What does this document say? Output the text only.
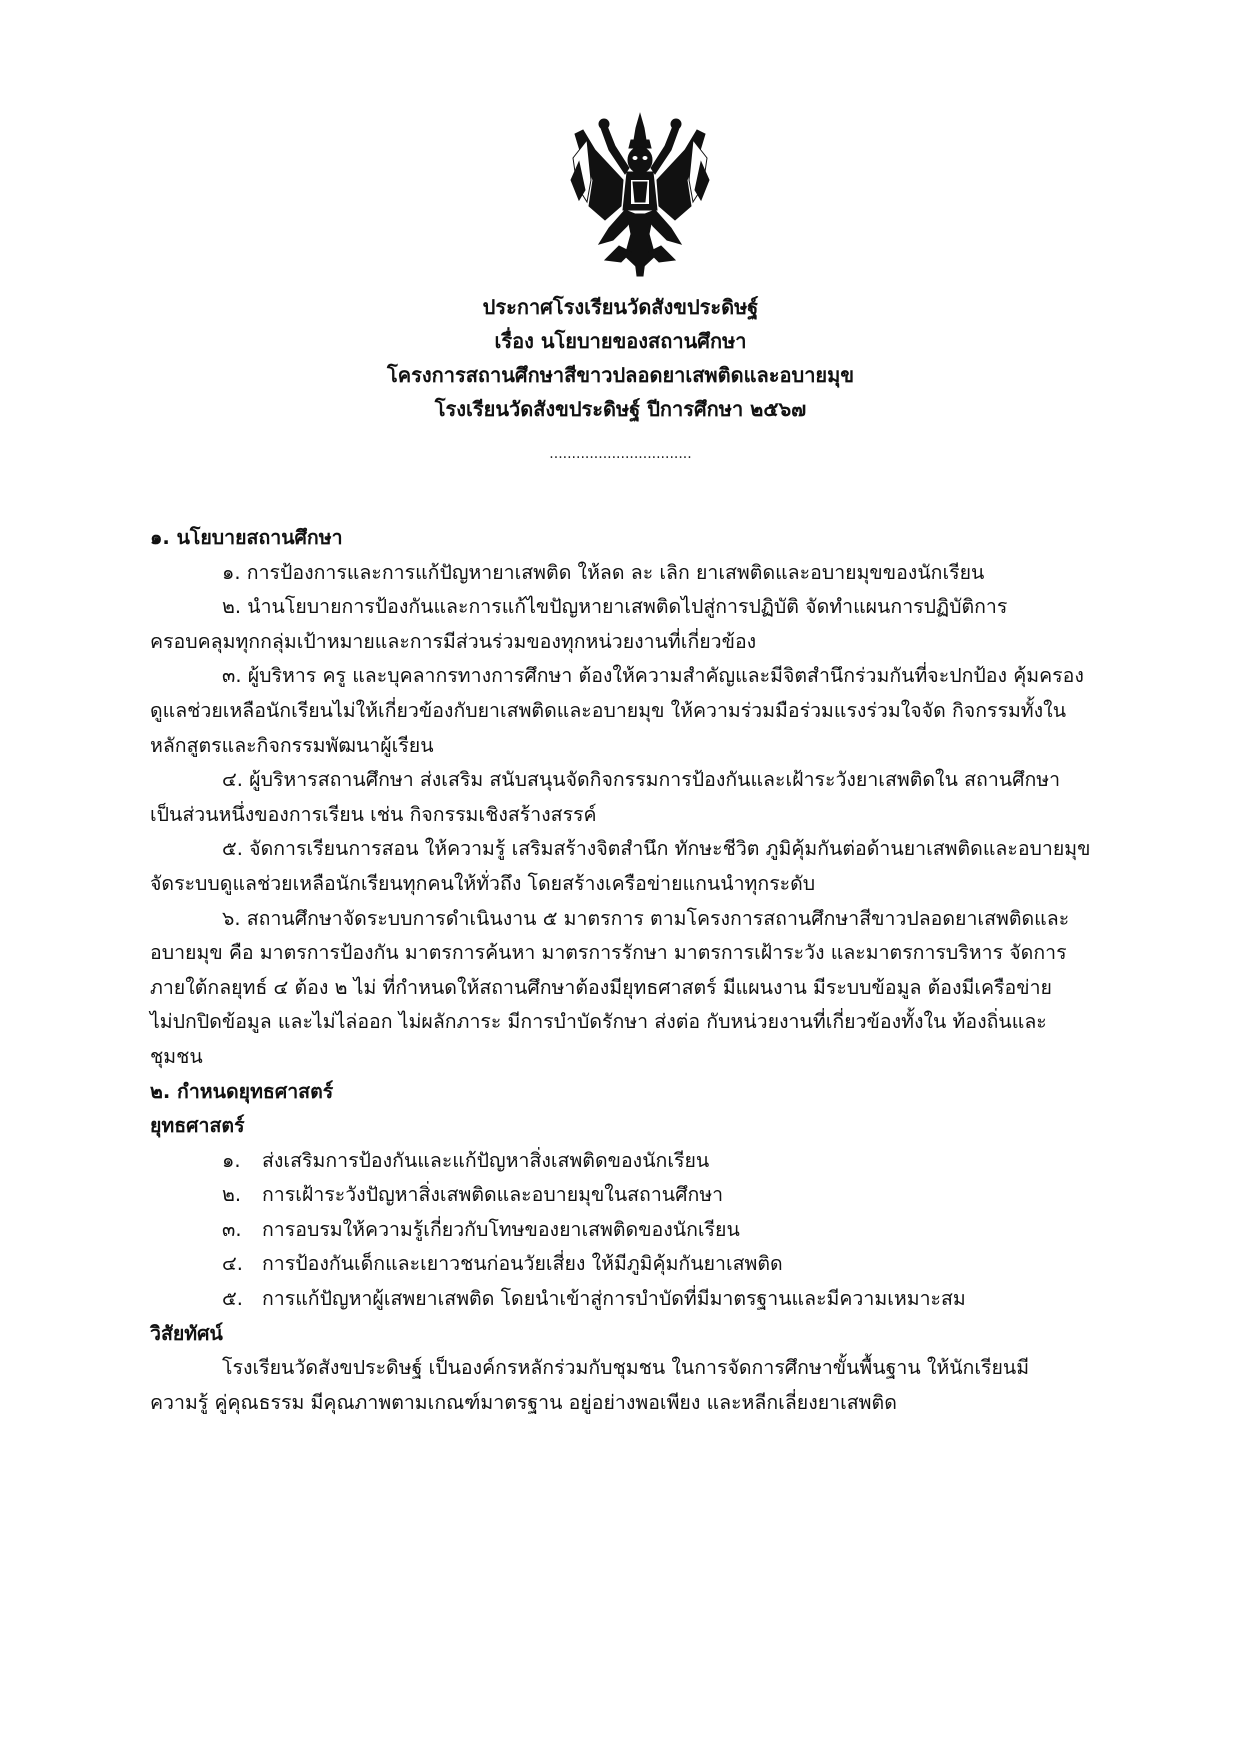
ประกาศโรงเรียนวัดสังขประดิษฐ์
เรื่อง นโยบายของสถานศึกษา
โครงการสถานศึกษาสีขาวปลอดยาเสพติดและอบายมุข
โรงเรียนวัดสังขประดิษฐ์ ปีการศึกษา ๒๕๖๗
................................
๑. นโยบายสถานศึกษา
๑. การป้องการและการแก้ปัญหายาเสพติด ให้ลด ละ เลิก ยาเสพติดและอบายมุขของนักเรียน
๒. นำนโยบายการป้องกันและการแก้ไขปัญหายาเสพติดไปสู่การปฏิบัติ จัดทำแผนการปฏิบัติการ
ครอบคลุมทุกกลุ่มเป้าหมายและการมีส่วนร่วมของทุกหน่วยงานที่เกี่ยวข้อง
๓. ผู้บริหาร ครู และบุคลากรทางการศึกษา ต้องให้ความสำคัญและมีจิตสำนึกร่วมกันที่จะปกป้อง คุ้มครอง
ดูแลช่วยเหลือนักเรียนไม่ให้เกี่ยวข้องกับยาเสพติดและอบายมุข ให้ความร่วมมือร่วมแรงร่วมใจจัด กิจกรรมทั้งใน
หลักสูตรและกิจกรรมพัฒนาผู้เรียน
๔. ผู้บริหารสถานศึกษา ส่งเสริม สนับสนุนจัดกิจกรรมการป้องกันและเฝ้าระวังยาเสพติดใน สถานศึกษา
เป็นส่วนหนึ่งของการเรียน เช่น กิจกรรมเชิงสร้างสรรค์
๕. จัดการเรียนการสอน ให้ความรู้ เสริมสร้างจิตสำนึก ทักษะชีวิต ภูมิคุ้มกันต่อด้านยาเสพติดและอบายมุข
จัดระบบดูแลช่วยเหลือนักเรียนทุกคนให้ทั่วถึง โดยสร้างเครือข่ายแกนนำทุกระดับ
๖. สถานศึกษาจัดระบบการดำเนินงาน ๕ มาตรการ ตามโครงการสถานศึกษาสีขาวปลอดยาเสพติดและ
อบายมุข คือ มาตรการป้องกัน มาตรการค้นหา มาตรการรักษา มาตรการเฝ้าระวัง และมาตรการบริหาร จัดการ
ภายใต้กลยุทธ์ ๔ ต้อง ๒ ไม่ ที่กำหนดให้สถานศึกษาต้องมียุทธศาสตร์ มีแผนงาน มีระบบข้อมูล ต้องมีเครือข่าย
ไม่ปกปิดข้อมูล และไม่ไล่ออก ไม่ผลักภาระ มีการบำบัดรักษา ส่งต่อ กับหน่วยงานที่เกี่ยวข้องทั้งใน ท้องถิ่นและ
ชุมชน
๒. กำหนดยุทธศาสตร์
ยุทธศาสตร์
๑. ส่งเสริมการป้องกันและแก้ปัญหาสิ่งเสพติดของนักเรียน
๒. การเฝ้าระวังปัญหาสิ่งเสพติดและอบายมุขในสถานศึกษา
๓. การอบรมให้ความรู้เกี่ยวกับโทษของยาเสพติดของนักเรียน
๔. การป้องกันเด็กและเยาวชนก่อนวัยเสี่ยง ให้มีภูมิคุ้มกันยาเสพติด
๕. การแก้ปัญหาผู้เสพยาเสพติด โดยนำเข้าสู่การบำบัดที่มีมาตรฐานและมีความเหมาะสม
วิสัยทัศน์
โรงเรียนวัดสังขประดิษฐ์ เป็นองค์กรหลักร่วมกับชุมชน ในการจัดการศึกษาขั้นพื้นฐาน ให้นักเรียนมี
ความรู้ คู่คุณธรรม มีคุณภาพตามเกณฑ์มาตรฐาน อยู่อย่างพอเพียง และหลีกเลี่ยงยาเสพติด
